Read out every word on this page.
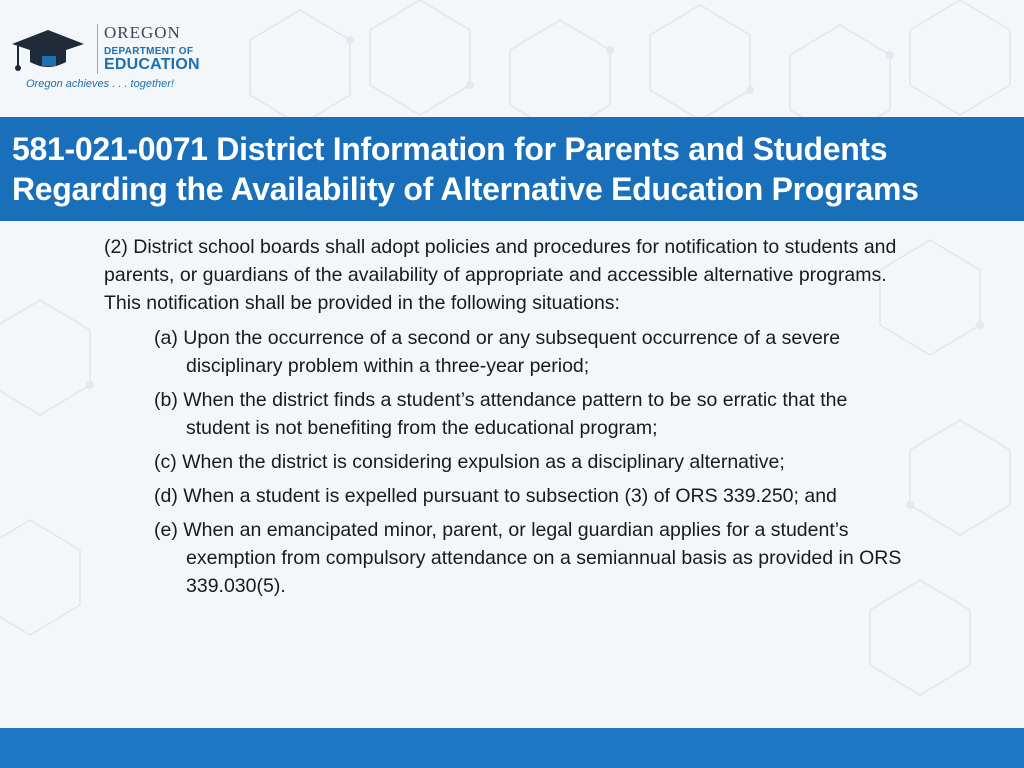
OREGON
DEPARTMENT OF
EDUCATION
Oregon achieves . . . together!
581-021-0071 District Information for Parents and Students
Regarding the Availability of Alternative Education Programs

(2) District school boards shall adopt policies and procedures for notification to students and parents, or guardians of the availability of appropriate and accessible alternative programs. This notification shall be provided in the following situations:

(a) Upon the occurrence of a second or any subsequent occurrence of a severe disciplinary problem within a three-year period;

(b) When the district finds a student’s attendance pattern to be so erratic that the student is not benefiting from the educational program;

(c) When the district is considering expulsion as a disciplinary alternative;

(d) When a student is expelled pursuant to subsection (3) of ORS 339.250; and

(e) When an emancipated minor, parent, or legal guardian applies for a student’s exemption from compulsory attendance on a semiannual basis as provided in ORS 339.030(5).
